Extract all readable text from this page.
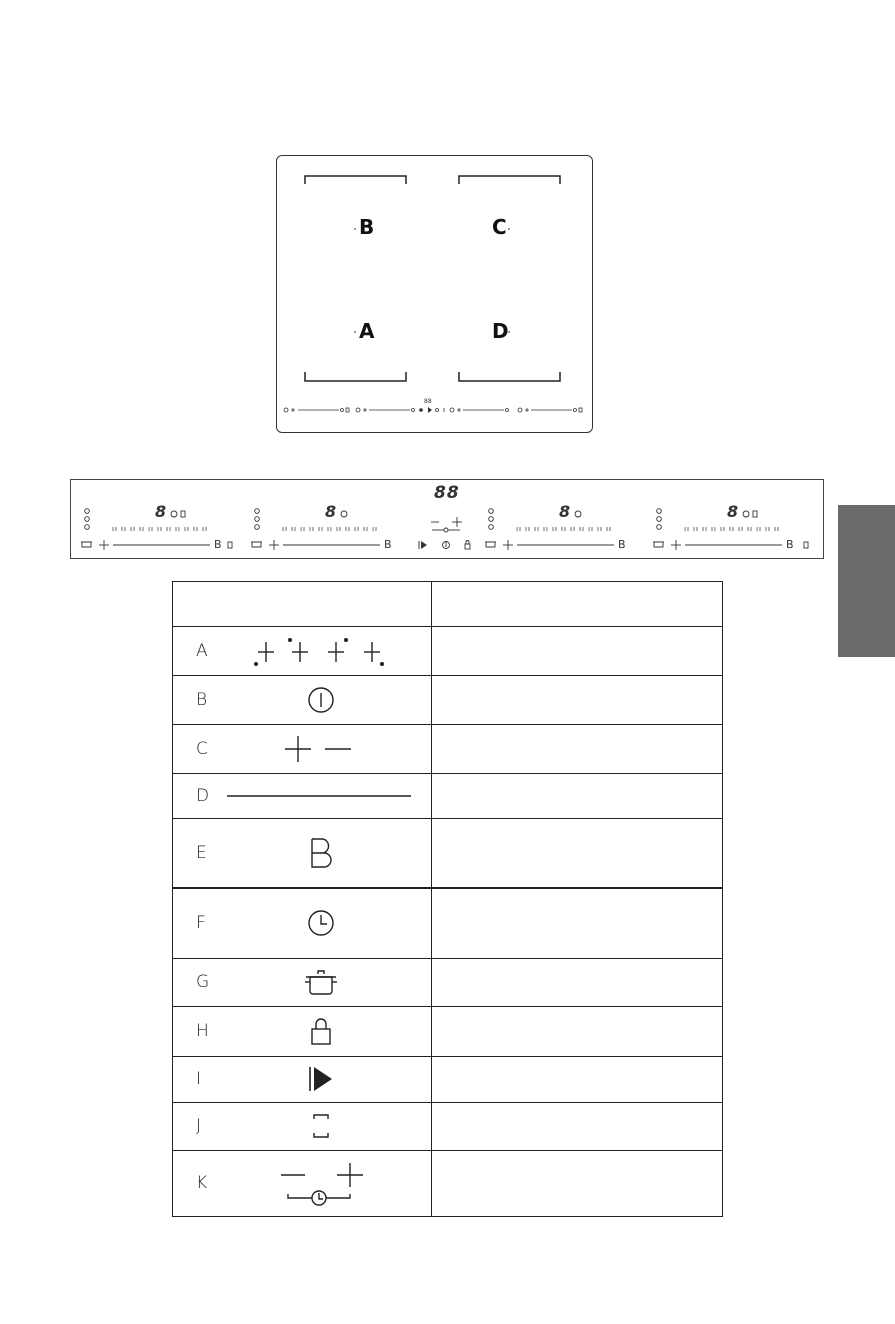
88
B	C
A	D
88
8	8	8	8
B	B	B	B

A	

B	

C	

D	

E	

F	

G	

H	

I	

J	

K	
